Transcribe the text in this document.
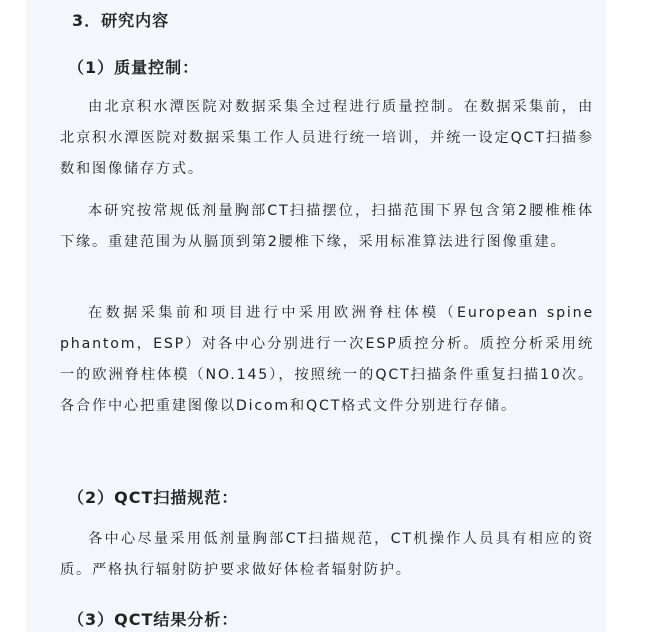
3．研究内容
（1）质量控制：

由北京积水潭医院对数据采集全过程进行质量控制。在数据采集前，由北京积水潭医院对数据采集工作人员进行统一培训，并统一设定QCT扫描参数和图像储存方式。

本研究按常规低剂量胸部CT扫描摆位，扫描范围下界包含第2腰椎椎体下缘。重建范围为从膈顶到第2腰椎下缘，采用标准算法进行图像重建。

在数据采集前和项目进行中采用欧洲脊柱体模（European spine phantom，ESP）对各中心分别进行一次ESP质控分析。质控分析采用统一的欧洲脊柱体模（NO.145），按照统一的QCT扫描条件重复扫描10次。各合作中心把重建图像以Dicom和QCT格式文件分别进行存储。

（2）QCT扫描规范：

各中心尽量采用低剂量胸部CT扫描规范，CT机操作人员具有相应的资质。严格执行辐射防护要求做好体检者辐射防护。

（3）QCT结果分析：
